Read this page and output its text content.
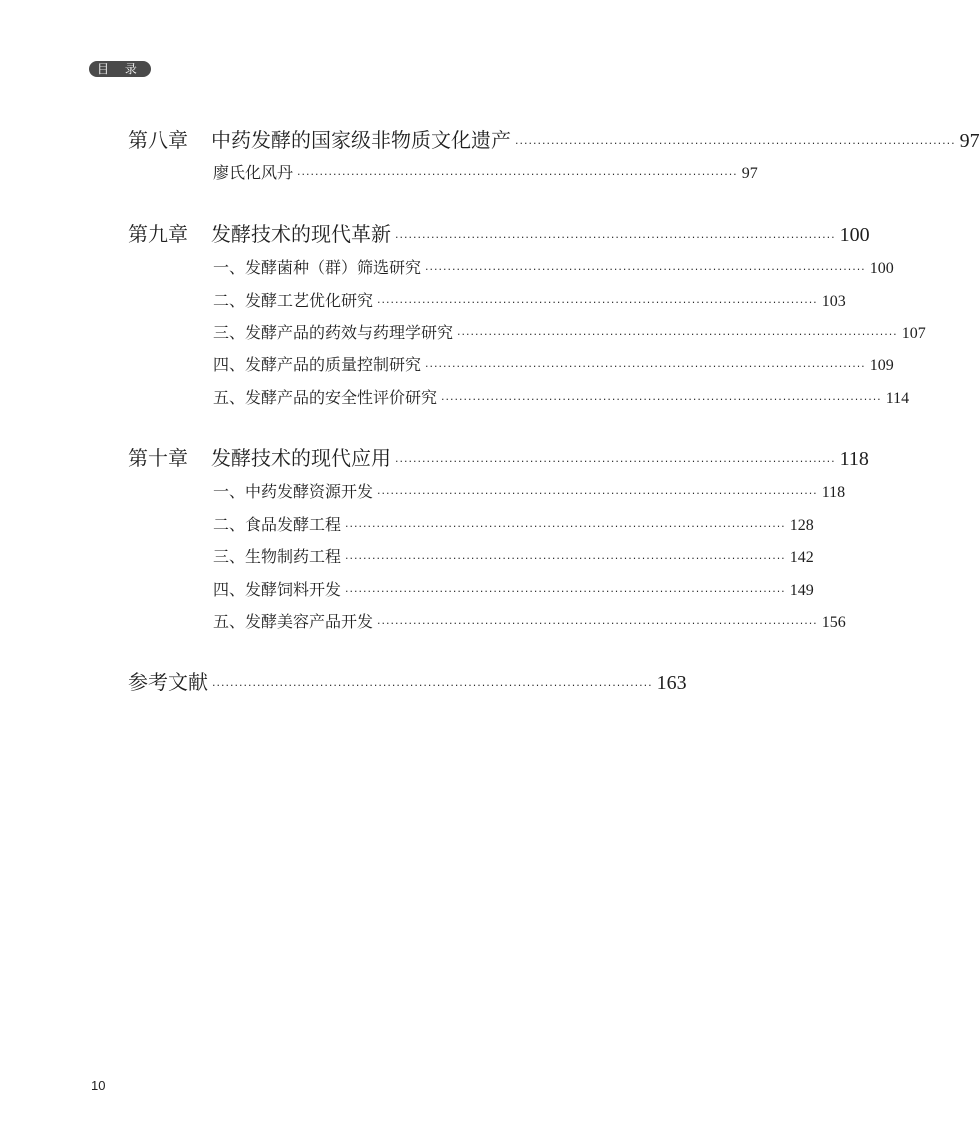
目 录
第八章 中药发酵的国家级非物质文化遗产 ·································································································· 97
廖氏化风丹 ·································································································· 97
第九章 发酵技术的现代革新 ·································································································· 100
一、发酵菌种（群）筛选研究 ·································································································· 100
二、发酵工艺优化研究 ·································································································· 103
三、发酵产品的药效与药理学研究 ·································································································· 107
四、发酵产品的质量控制研究 ·································································································· 109
五、发酵产品的安全性评价研究 ·································································································· 114
第十章 发酵技术的现代应用 ·································································································· 118
一、中药发酵资源开发 ·································································································· 118
二、食品发酵工程 ·································································································· 128
三、生物制药工程 ·································································································· 142
四、发酵饲料开发 ·································································································· 149
五、发酵美容产品开发 ·································································································· 156
参考文献 ·································································································· 163
10
